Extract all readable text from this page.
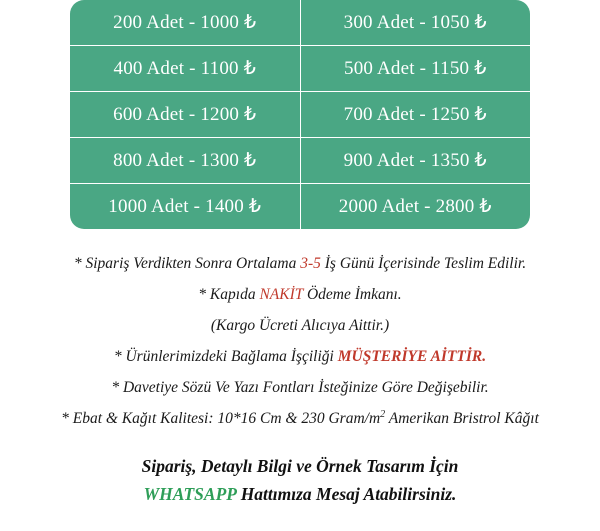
200 Adet - 1000 ₺	300 Adet - 1050 ₺
400 Adet - 1100 ₺	500 Adet - 1150 ₺
600 Adet - 1200 ₺	700 Adet - 1250 ₺
800 Adet - 1300 ₺	900 Adet - 1350 ₺
1000 Adet - 1400 ₺	2000 Adet - 2800 ₺

* Sipariş Verdikten Sonra Ortalama 3-5 İş Günü İçerisinde Teslim Edilir.

* Kapıda NAKİT Ödeme İmkanı.

(Kargo Ücreti Alıcıya Aittir.)

* Ürünlerimizdeki Bağlama İşçiliği MÜŞTERİYE AİTTİR.

* Davetiye Sözü Ve Yazı Fontları İsteğinize Göre Değişebilir.

* Ebat & Kağıt Kalitesi: 10*16 Cm & 230 Gram/$m^2$ Amerikan Bristrol Kâğıt

Sipariş, Detaylı Bilgi ve Örnek Tasarım İçin

WHATSAPP Hattımıza Mesaj Atabilirsiniz.
